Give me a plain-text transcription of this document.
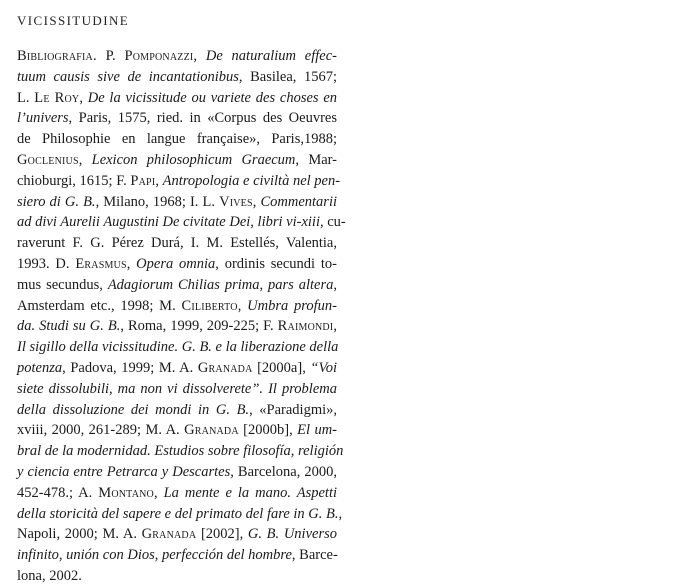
VICISSITUDINE
Bibliografia. P. Pomponazzi, De naturalium effec-
tuum causis sive de incantationibus, Basilea, 1567;
L. Le Roy, De la vicissitude ou variete des choses en
l’univers, Paris, 1575, ried. in «Corpus des Oeuvres
de Philosophie en langue française», Paris,1988;
Goclenius, Lexicon philosophicum Graecum, Mar-
chioburgi, 1615; F. Papi, Antropologia e civiltà nel pen-
siero di G. B., Milano, 1968; I. L. Vives, Commentarii
ad divi Aurelii Augustini De civitate Dei, libri vi-xiii, cu-
raverunt F. G. Pérez Durá, I. M. Estellés, Valentia,
1993. D. Erasmus, Opera omnia, ordinis secundi to-
mus secundus, Adagiorum Chilias prima, pars altera,
Amsterdam etc., 1998; M. Ciliberto, Umbra profun-
da. Studi su G. B., Roma, 1999, 209-225; F. Raimondi,
Il sigillo della vicissitudine. G. B. e la liberazione della
potenza, Padova, 1999; M. A. Granada [2000a], “Voi
siete dissolubili, ma non vi dissolverete”. Il problema
della dissoluzione dei mondi in G. B., «Paradigmi»,
xviii, 2000, 261-289; M. A. Granada [2000b], El um-
bral de la modernidad. Estudios sobre filosofía, religión
y ciencia entre Petrarca y Descartes, Barcelona, 2000,
452-478.; A. Montano, La mente e la mano. Aspetti
della storicità del sapere e del primato del fare in G. B.,
Napoli, 2000; M. A. Granada [2002], G. B. Universo
infinito, unión con Dios, perfección del hombre, Barce-
lona, 2002.
